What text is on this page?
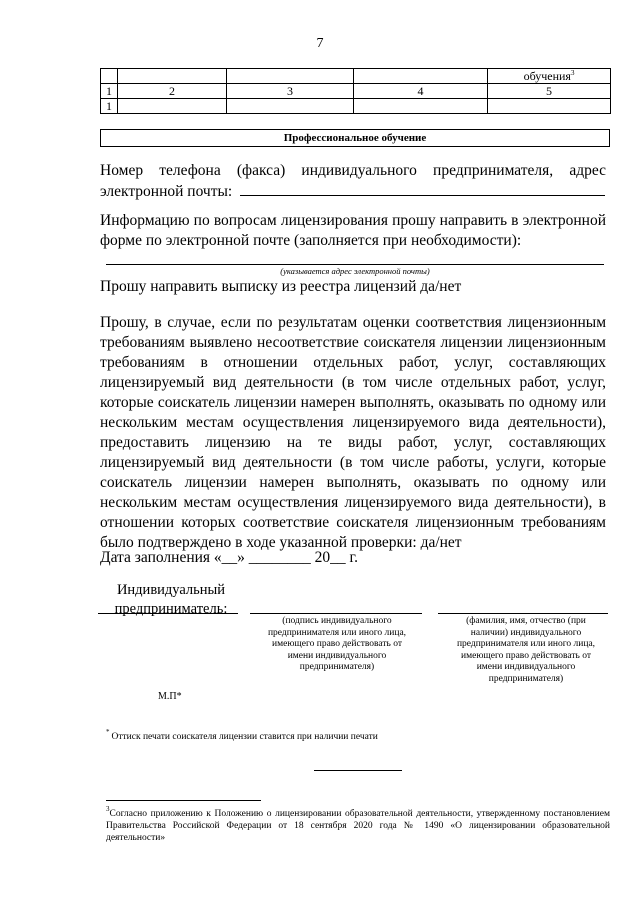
7
				обучения$^3$
1	2	3	4	5
1				
Профессиональное обучение
Номер телефона (факса) индивидуального предпринимателя, адрес
электронной почты:
Информацию по вопросам лицензирования прошу направить в электронной форме по электронной почте (заполняется при необходимости):
(указывается адрес электронной почты)
Прошу направить выписку из реестра лицензий да/нет
Прошу, в случае, если по результатам оценки соответствия лицензионным требованиям выявлено несоответствие соискателя лицензии лицензионным требованиям в отношении отдельных работ, услуг, составляющих лицензируемый вид деятельности (в том числе отдельных работ, услуг, которые соискатель лицензии намерен выполнять, оказывать по одному или нескольким местам осуществления лицензируемого вида деятельности), предоставить лицензию на те виды работ, услуг, составляющих лицензируемый вид деятельности (в том числе работы, услуги, которые соискатель лицензии намерен выполнять, оказывать по одному или нескольким местам осуществления лицензируемого вида деятельности), в отношении которых соответствие соискателя лицензионным требованиям было подтверждено в ходе указанной проверки: да/нет
Дата заполнения «__» ________ 20__ г.
Индивидуальный
предприниматель:
(подпись индивидуального предпринимателя или иного лица, имеющего право действовать от имени индивидуального предпринимателя)
(фамилия, имя, отчество (при наличии) индивидуального предпринимателя или иного лица, имеющего право действовать от имени индивидуального предпринимателя)
М.П*
* Оттиск печати соискателя лицензии ставится при наличии печати
$^3$Согласно приложению к Положению о лицензировании образовательной деятельности, утвержденному постановлением Правительства Российской Федерации от 18 сентября 2020 года № 1490 «О лицензировании образовательной деятельности»
